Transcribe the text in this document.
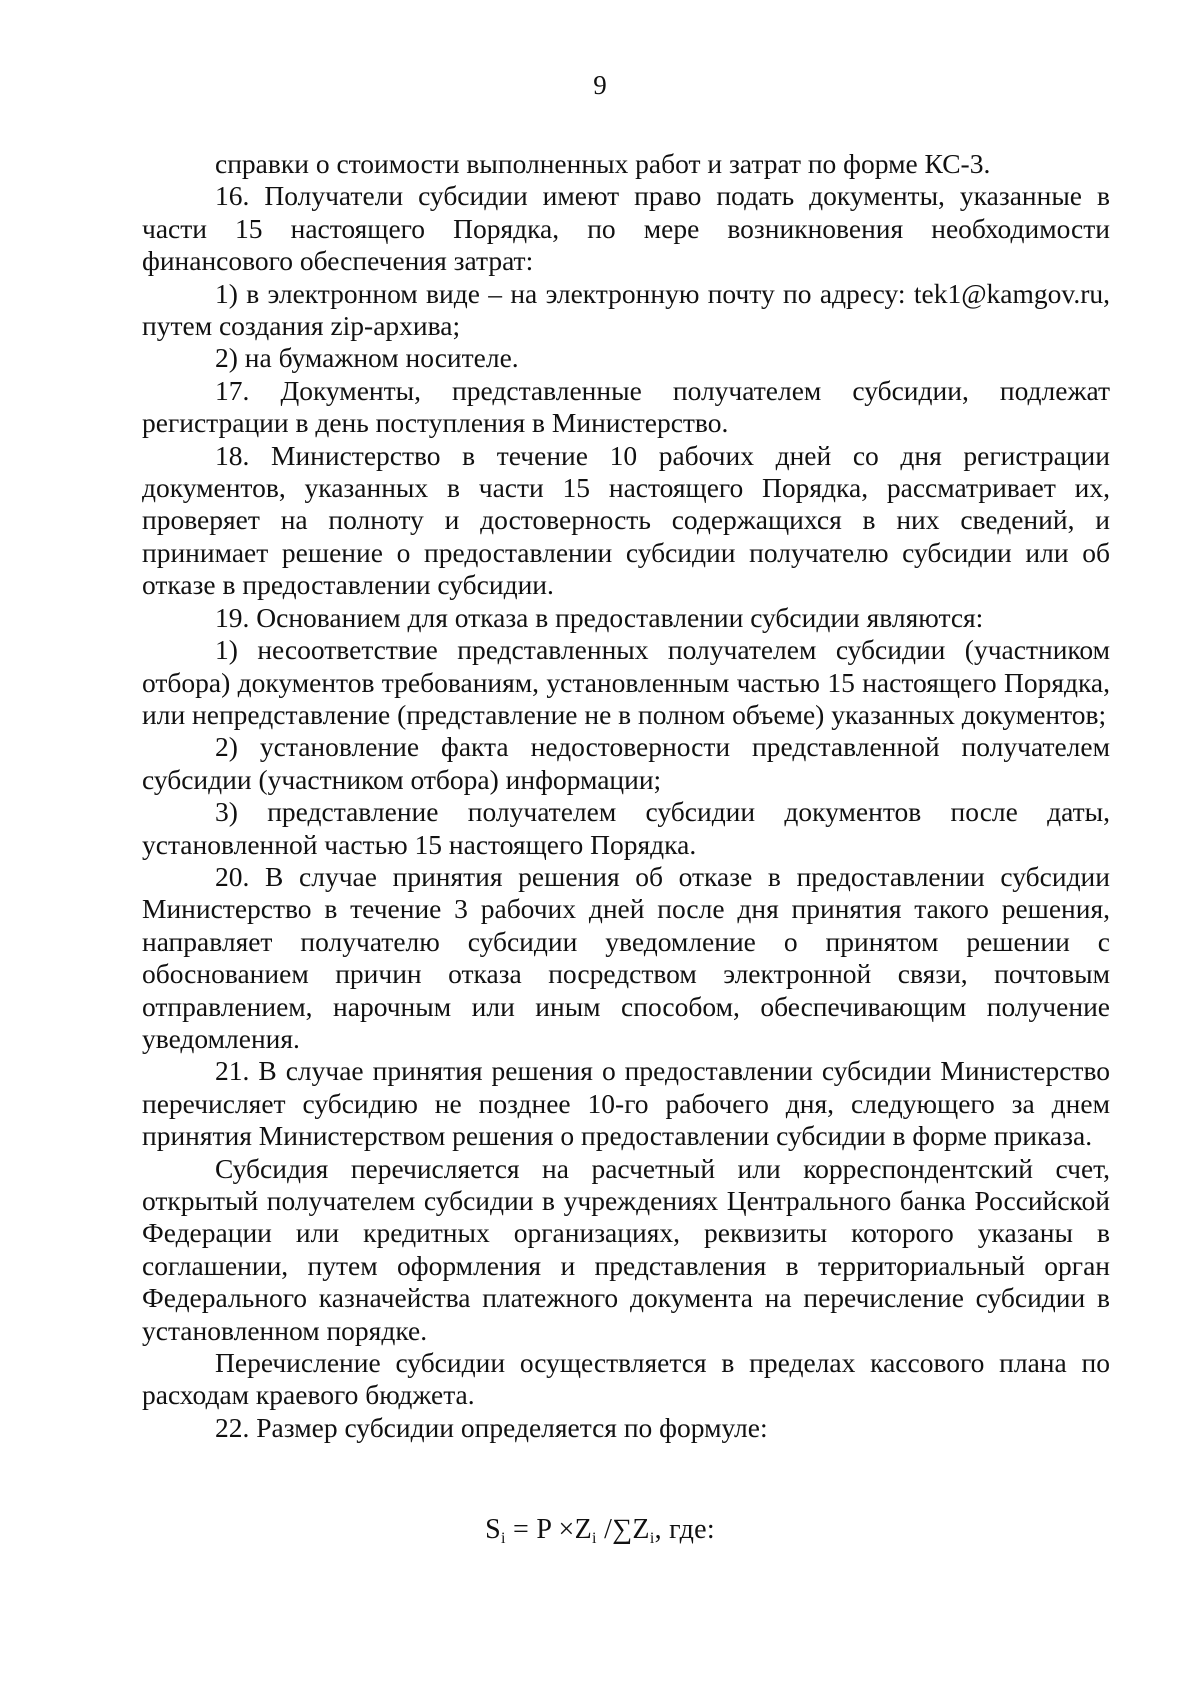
9

справки о стоимости выполненных работ и затрат по форме КС-3.

16. Получатели субсидии имеют право подать документы, указанные в части 15 настоящего Порядка, по мере возникновения необходимости финансового обеспечения затрат:

1) в электронном виде – на электронную почту по адресу: tek1@kamgov.ru, путем создания zip-архива;

2) на бумажном носителе.

17. Документы, представленные получателем субсидии, подлежат регистрации в день поступления в Министерство.

18. Министерство в течение 10 рабочих дней со дня регистрации документов, указанных в части 15 настоящего Порядка, рассматривает их, проверяет на полноту и достоверность содержащихся в них сведений, и принимает решение о предоставлении субсидии получателю субсидии или об отказе в предоставлении субсидии.

19. Основанием для отказа в предоставлении субсидии являются:

1) несоответствие представленных получателем субсидии (участником отбора) документов требованиям, установленным частью 15 настоящего Порядка, или непредставление (представление не в полном объеме) указанных документов;

2) установление факта недостоверности представленной получателем субсидии (участником отбора) информации;

3) представление получателем субсидии документов после даты, установленной частью 15 настоящего Порядка.

20. В случае принятия решения об отказе в предоставлении субсидии Министерство в течение 3 рабочих дней после дня принятия такого решения, направляет получателю субсидии уведомление о принятом решении с обоснованием причин отказа посредством электронной связи, почтовым отправлением, нарочным или иным способом, обеспечивающим получение уведомления.

21. В случае принятия решения о предоставлении субсидии Министерство перечисляет субсидию не позднее 10-го рабочего дня, следующего за днем принятия Министерством решения о предоставлении субсидии в форме приказа.

Субсидия перечисляется на расчетный или корреспондентский счет, открытый получателем субсидии в учреждениях Центрального банка Российской Федерации или кредитных организациях, реквизиты которого указаны в соглашении, путем оформления и представления в территориальный орган Федерального казначейства платежного документа на перечисление субсидии в установленном порядке.

Перечисление субсидии осуществляется в пределах кассового плана по расходам краевого бюджета.

22. Размер субсидии определяется по формуле:

$S_i = P \times Z_i$ $/\sum Z_i$, где:
